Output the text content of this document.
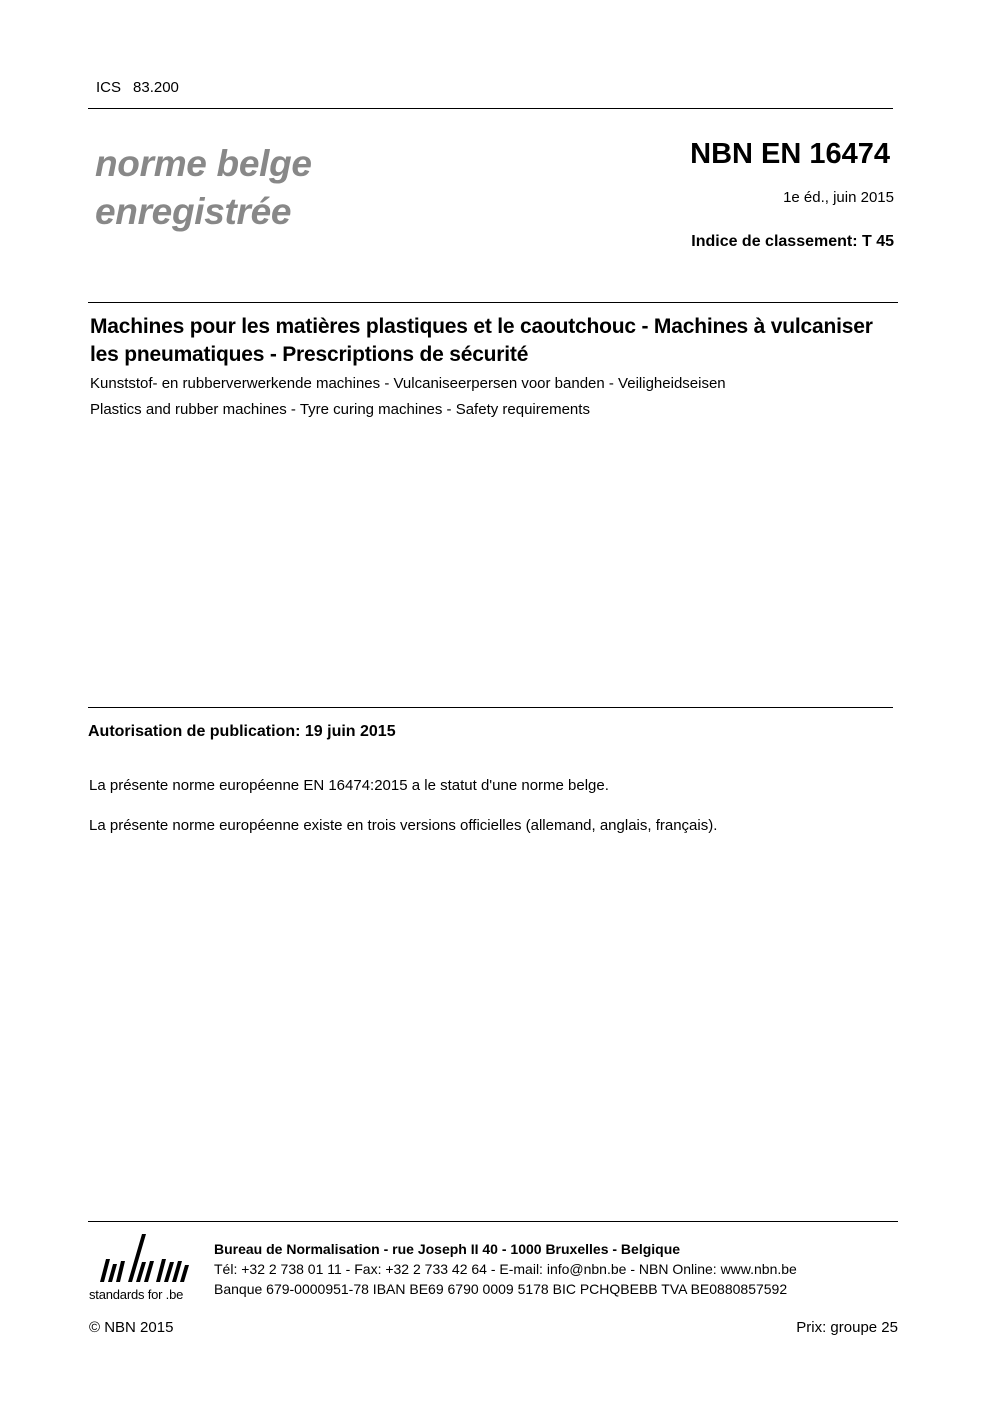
ICS 83.200
norme belge
enregistrée
NBN EN 16474
1e éd., juin 2015
Indice de classement: T 45
Machines pour les matières plastiques et le caoutchouc - Machines à vulcaniser les pneumatiques - Prescriptions de sécurité
Kunststof- en rubberverwerkende machines - Vulcaniseerpersen voor banden - Veiligheidseisen
Plastics and rubber machines - Tyre curing machines - Safety requirements
Autorisation de publication: 19 juin 2015
La présente norme européenne EN 16474:2015 a le statut d'une norme belge.
La présente norme européenne existe en trois versions officielles (allemand, anglais, français).
standards for .be
Bureau de Normalisation - rue Joseph II 40 - 1000 Bruxelles - Belgique
Tél: +32 2 738 01 11 - Fax: +32 2 733 42 64 - E-mail: info@nbn.be - NBN Online: www.nbn.be
Banque 679-0000951-78 IBAN BE69 6790 0009 5178 BIC PCHQBEBB TVA BE0880857592
© NBN 2015	Prix: groupe 25
